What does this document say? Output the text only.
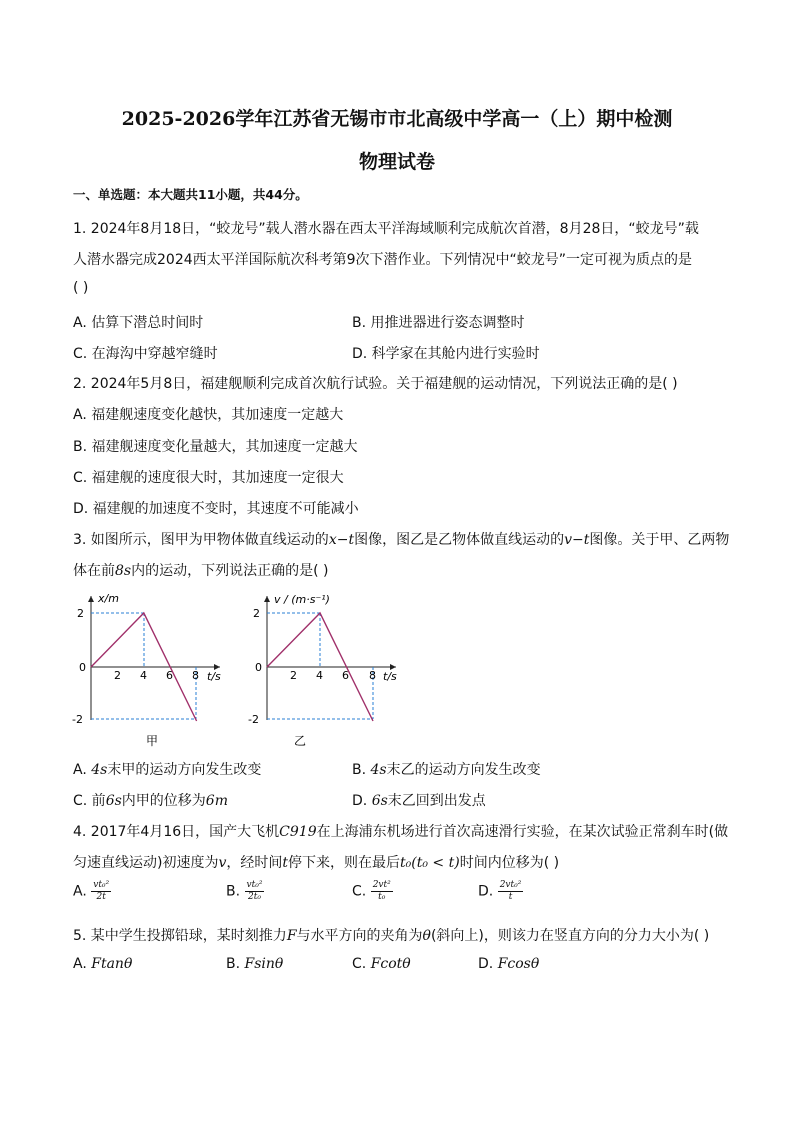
2025-2026学年江苏省无锡市市北高级中学高一（上）期中检测
物理试卷
一、单选题：本大题共11小题，共44分。
1. 2024年8月18日，“蛟龙号”载人潜水器在西太平洋海域顺利完成航次首潜，8月28日，“蛟龙号”载
人潜水器完成2024西太平洋国际航次科考第9次下潜作业。下列情况中“蛟龙号”一定可视为质点的是
( )
A. 估算下潜总时间时	B. 用推进器进行姿态调整时
C. 在海沟中穿越窄缝时	D. 科学家在其舱内进行实验时
2. 2024年5月8日，福建舰顺利完成首次航行试验。关于福建舰的运动情况，下列说法正确的是( )
A. 福建舰速度变化越快，其加速度一定越大
B. 福建舰速度变化量越大，其加速度一定越大
C. 福建舰的速度很大时，其加速度一定很大
D. 福建舰的加速度不变时，其速度不可能减小
3. 如图所示，图甲为甲物体做直线运动的x−t图像，图乙是乙物体做直线运动的v−t图像。关于甲、乙两物
体在前8s内的运动，下列说法正确的是( )
x/m
t/s
2
0
-2
2 4 6 8
甲
v / (m·s⁻¹)
t/s
2
0
-2
2 4 6 8
乙
A. 4s末甲的运动方向发生改变	B. 4s末乙的运动方向发生改变
C. 前6s内甲的位移为6m	D. 6s末乙回到出发点
4. 2017年4月16日，国产大飞机C919在上海浦东机场进行首次高速滑行实验，在某次试验正常刹车时(做
匀速直线运动)初速度为v，经时间t停下来，则在最后t₀(t₀ < t)时间内位移为( )
A. $\frac{\text{vt₀²}}{2t}$	B. $\frac{\text{vt₀²}}{\text{2t₀}}$	C. $\frac{\text{2vt²}}{\text{t₀}}$	D. $\frac{\text{2vt₀²}}{t}$
5. 某中学生投掷铅球，某时刻推力F与水平方向的夹角为θ(斜向上)，则该力在竖直方向的分力大小为( )
A. Ftanθ	B. Fsinθ	C. Fcotθ	D. Fcosθ
